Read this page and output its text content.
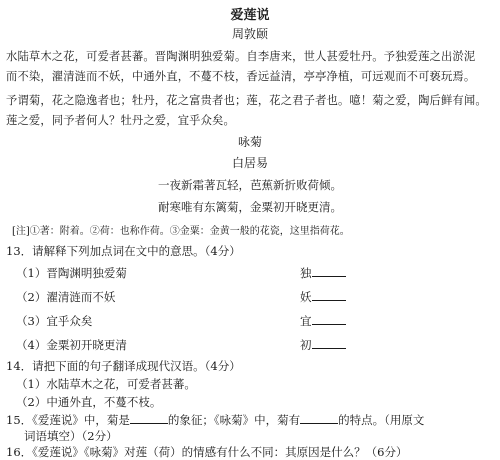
爱莲说
周敦颐
水陆草木之花，可爱者甚蕃。晋陶渊明独爱菊。自李唐来，世人甚爱牡丹。予独爱莲之出淤泥
而不染，濯清涟而不妖，中通外直，不蔓不枝，香远益清，亭亭净植，可远观而不可亵玩焉。
予谓菊，花之隐逸者也；牡丹，花之富贵者也；莲，花之君子者也。噫！菊之爱，陶后鲜有闻。
莲之爱，同予者何人？牡丹之爱，宜乎众矣。
咏菊
白居易
一夜新霜著瓦轻，芭蕉新折败荷倾。
耐寒唯有东篱菊，金粟初开晓更清。
[注]①著：附着。②荷：也称作荷。③金粟：金黄一般的花瓷，这里指荷花。
13．请解释下列加点词在文中的意思。（4分）
（1）晋陶渊明独爱菊	独
（2）濯清涟而不妖	妖
（3）宜乎众矣	宜
（4）金粟初开晓更清	初
14．请把下面的句子翻译成现代汉语。（4分）
（1）水陆草木之花，可爱者甚蕃。
（2）中通外直，不蔓不枝。
15．《爱莲说》中，菊是	的象征；《咏菊》中，菊有	的特点。（用原文
词语填空）（2分）
16．《爱莲说》《咏菊》对莲（荷）的情感有什么不同：其原因是什么？（6分）
